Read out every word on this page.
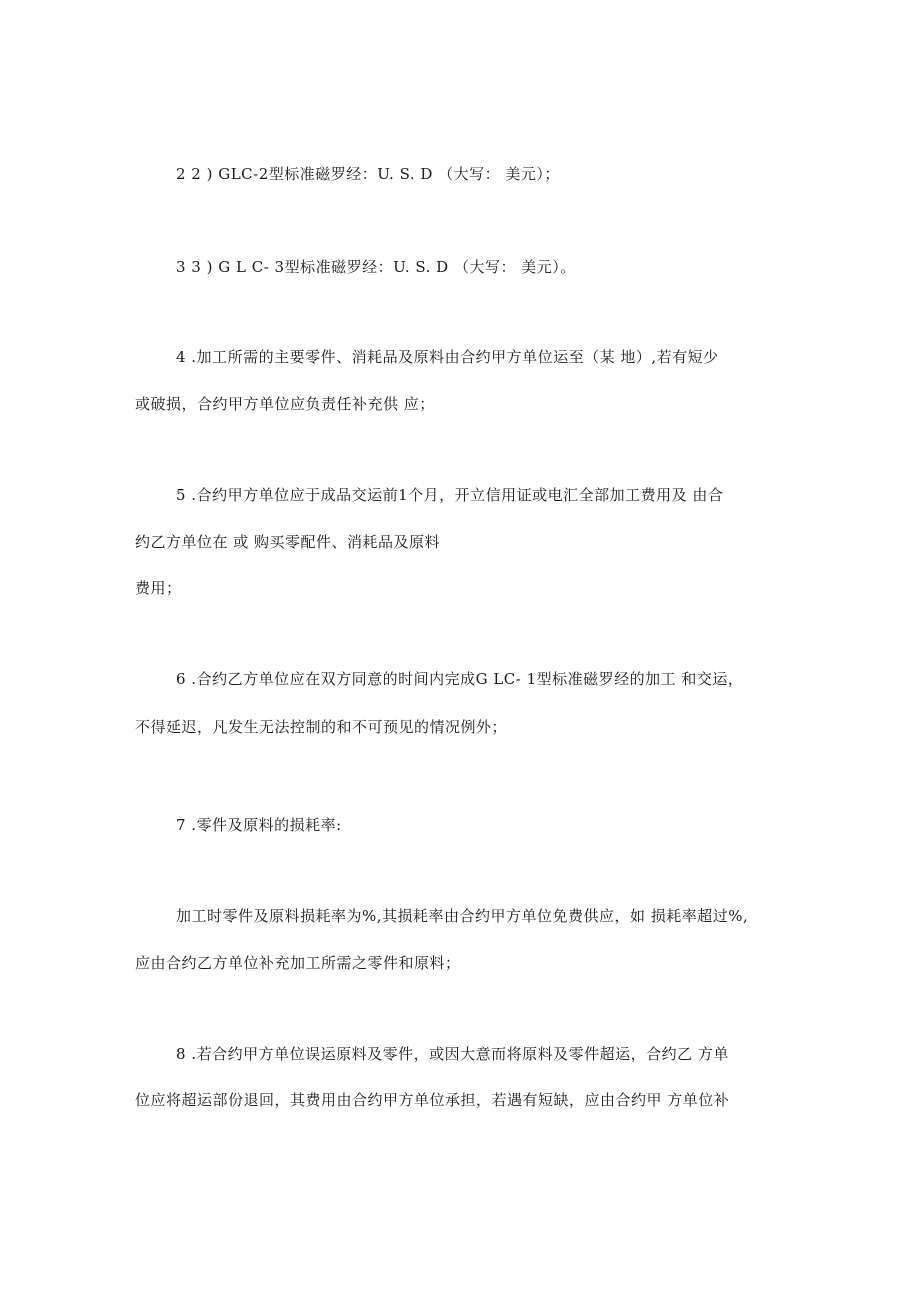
2 2 ) GLC-2型标准磁罗经：U. S. D （大写： 美元）；
3 3 ) G L C- 3型标准磁罗经：U. S. D （大写： 美元）。
4 .加工所需的主要零件、消耗品及原料由合约甲方单位运至（某 地）,若有短少
或破损，合约甲方单位应负责任补充供 应；
5 .合约甲方单位应于成品交运前1个月，开立信用证或电汇全部加工费用及 由合
约乙方单位在 或 购买零配件、消耗品及原料
费用；
6 .合约乙方单位应在双方同意的时间内完成G LC- 1型标准磁罗经的加工 和交运，
不得延迟，凡发生无法控制的和不可预见的情况例外；
7 .零件及原料的损耗率:
加工时零件及原料损耗率为%,其损耗率由合约甲方单位免费供应，如 损耗率超过%,
应由合约乙方单位补充加工所需之零件和原料；
8 .若合约甲方单位误运原料及零件，或因大意而将原料及零件超运，合约乙 方单
位应将超运部份退回，其费用由合约甲方单位承担，若遇有短缺，应由合约甲 方单位补
